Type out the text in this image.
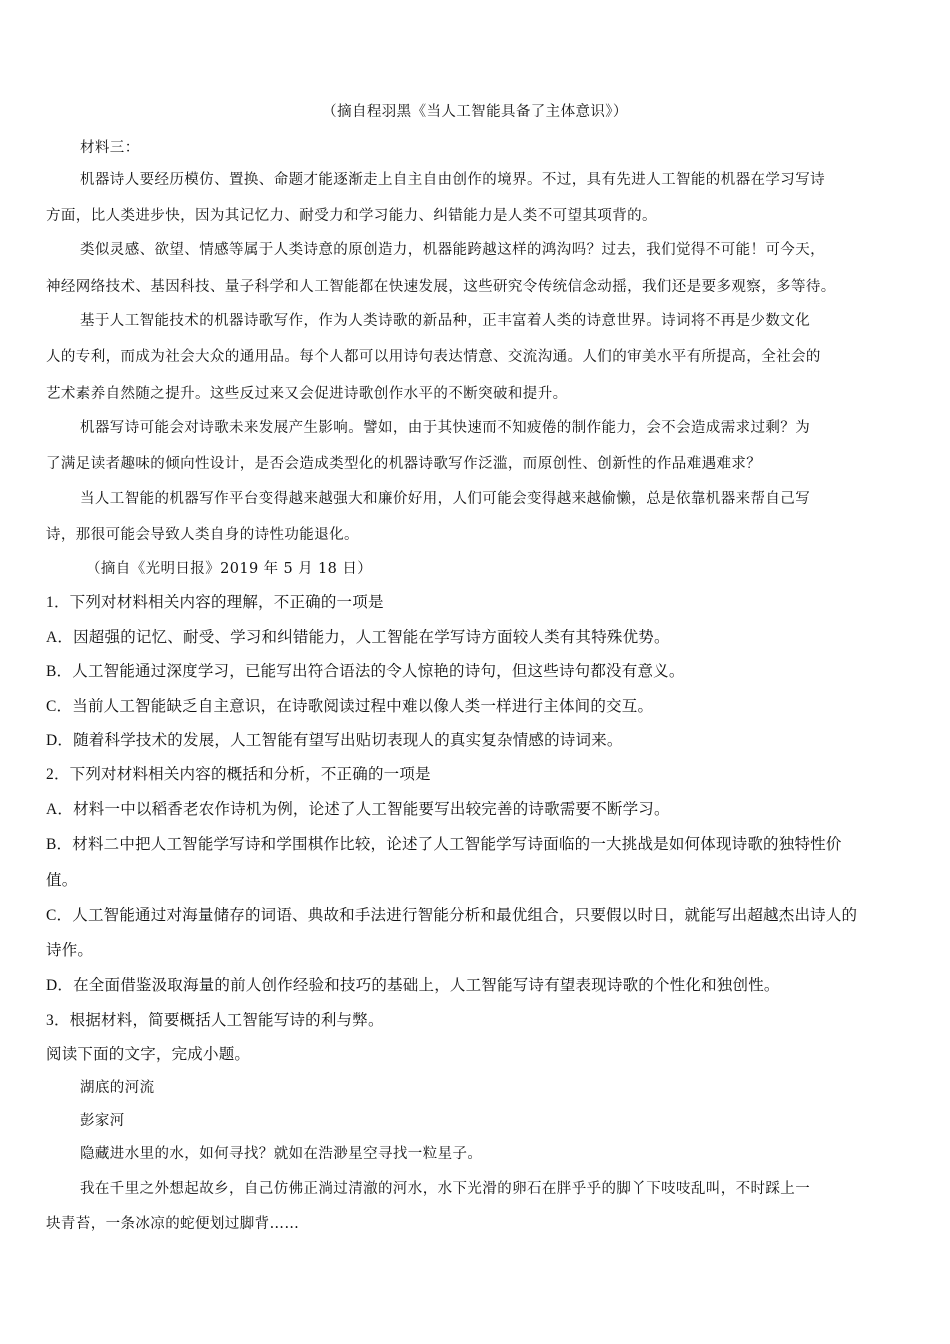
（摘自程羽黑《当人工智能具备了主体意识》）
材料三：
机器诗人要经历模仿、置换、命题才能逐渐走上自主自由创作的境界。不过，具有先进人工智能的机器在学习写诗
方面，比人类进步快，因为其记忆力、耐受力和学习能力、纠错能力是人类不可望其项背的。
类似灵感、欲望、情感等属于人类诗意的原创造力，机器能跨越这样的鸿沟吗？过去，我们觉得不可能！可今天，
神经网络技术、基因科技、量子科学和人工智能都在快速发展，这些研究令传统信念动摇，我们还是要多观察，多等待。
基于人工智能技术的机器诗歌写作，作为人类诗歌的新品种，正丰富着人类的诗意世界。诗词将不再是少数文化
人的专利，而成为社会大众的通用品。每个人都可以用诗句表达情意、交流沟通。人们的审美水平有所提高，全社会的
艺术素养自然随之提升。这些反过来又会促进诗歌创作水平的不断突破和提升。
机器写诗可能会对诗歌未来发展产生影响。譬如，由于其快速而不知疲倦的制作能力，会不会造成需求过剩？为
了满足读者趣味的倾向性设计，是否会造成类型化的机器诗歌写作泛滥，而原创性、创新性的作品难遇难求？
当人工智能的机器写作平台变得越来越强大和廉价好用，人们可能会变得越来越偷懒，总是依靠机器来帮自己写
诗，那很可能会导致人类自身的诗性功能退化。
（摘自《光明日报》2019 年 5 月 18 日）
1．下列对材料相关内容的理解，不正确的一项是
A．因超强的记忆、耐受、学习和纠错能力，人工智能在学写诗方面较人类有其特殊优势。
B．人工智能通过深度学习，已能写出符合语法的令人惊艳的诗句，但这些诗句都没有意义。
C．当前人工智能缺乏自主意识，在诗歌阅读过程中难以像人类一样进行主体间的交互。
D．随着科学技术的发展，人工智能有望写出贴切表现人的真实复杂情感的诗词来。
2．下列对材料相关内容的概括和分析，不正确的一项是
A．材料一中以稻香老农作诗机为例，论述了人工智能要写出较完善的诗歌需要不断学习。
B．材料二中把人工智能学写诗和学围棋作比较，论述了人工智能学写诗面临的一大挑战是如何体现诗歌的独特性价
值。
C．人工智能通过对海量储存的词语、典故和手法进行智能分析和最优组合，只要假以时日，就能写出超越杰出诗人的
诗作。
D．在全面借鉴汲取海量的前人创作经验和技巧的基础上，人工智能写诗有望表现诗歌的个性化和独创性。
3．根据材料，简要概括人工智能写诗的利与弊。
阅读下面的文字，完成小题。
湖底的河流
彭家河
隐藏进水里的水，如何寻找？就如在浩渺星空寻找一粒星子。
我在千里之外想起故乡，自己仿佛正淌过清澈的河水，水下光滑的卵石在胖乎乎的脚丫下吱吱乱叫，不时踩上一
块青苔，一条冰凉的蛇便划过脚背……
